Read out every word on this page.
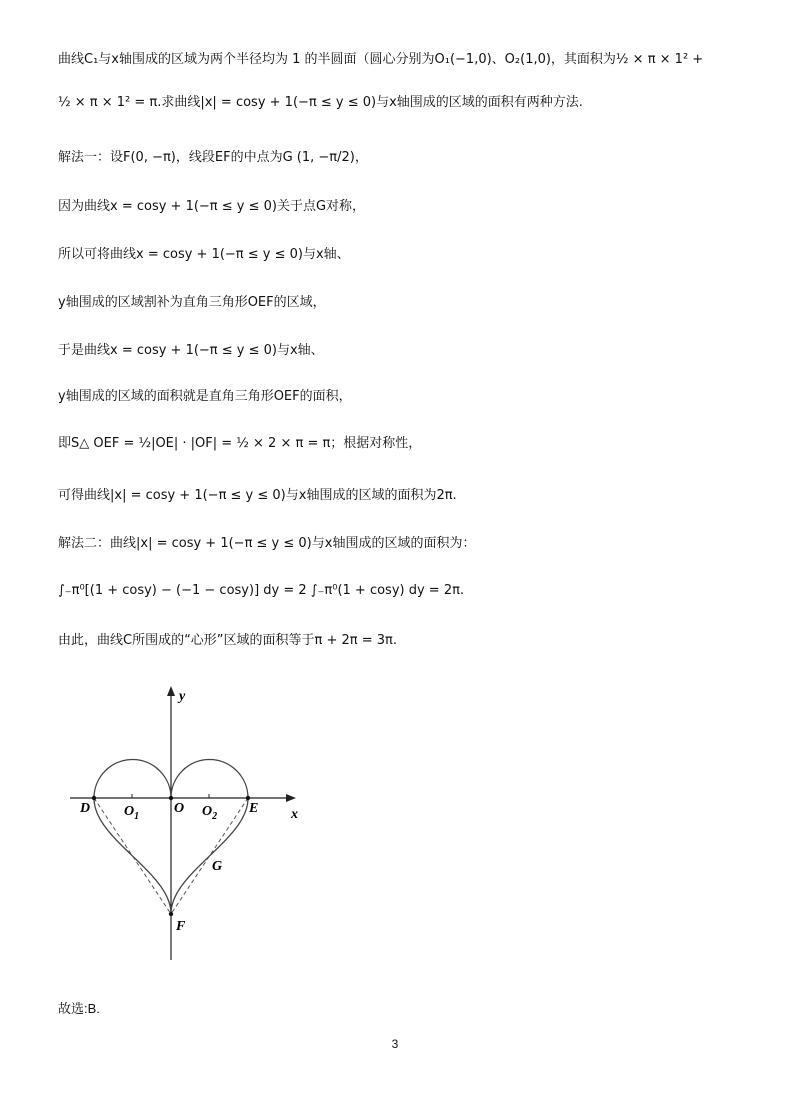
曲线C₁与x轴围成的区域为两个半径均为 1 的半圆面（圆心分别为O₁(−1,0)、O₂(1,0)，其面积为½ × π × 1² +
½ × π × 1² = π.求曲线|x| = cosy + 1(−π ≤ y ≤ 0)与x轴围成的区域的面积有两种方法.
解法一：设F(0, −π)，线段EF的中点为G (1, −π/2)，
因为曲线x = cosy + 1(−π ≤ y ≤ 0)关于点G对称，
所以可将曲线x = cosy + 1(−π ≤ y ≤ 0)与x轴、
y轴围成的区域割补为直角三角形OEF的区域，
于是曲线x = cosy + 1(−π ≤ y ≤ 0)与x轴、
y轴围成的区域的面积就是直角三角形OEF的面积，
即S△ OEF = ½|OE| · |OF| = ½ × 2 × π = π；根据对称性，
可得曲线|x| = cosy + 1(−π ≤ y ≤ 0)与x轴围成的区域的面积为2π.
解法二：曲线|x| = cosy + 1(−π ≤ y ≤ 0)与x轴围成的区域的面积为：
∫₋π⁰[(1 + cosy) − (−1 − cosy)] dy = 2 ∫₋π⁰(1 + cosy) dy = 2π.
由此，曲线C所围成的“心形”区域的面积等于π + 2π = 3π.
y
x
D $O_1$
O $O_2$
E
G
F
故选:B.
3
